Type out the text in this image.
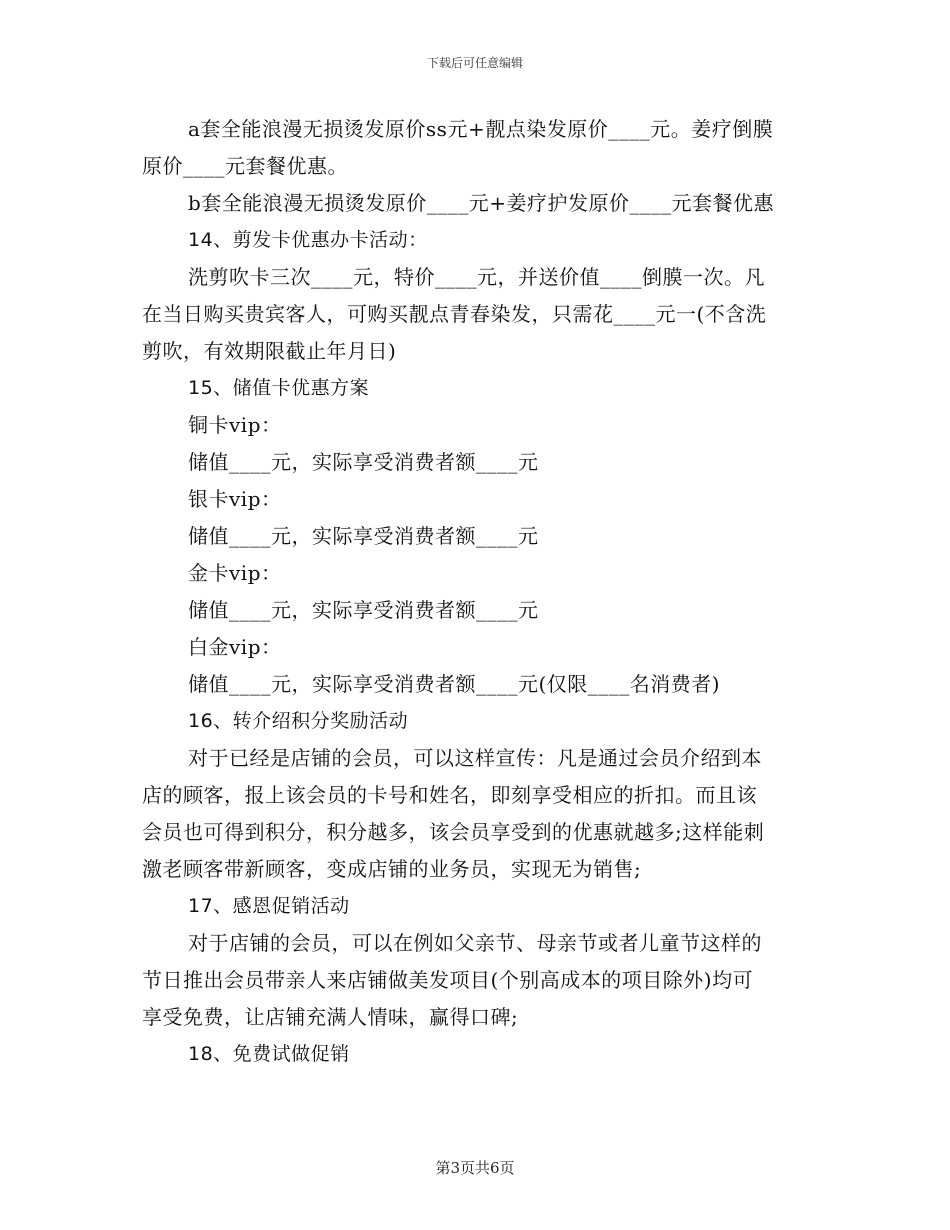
下载后可任意编辑
a套全能浪漫无损烫发原价ss元+靓点染发原价____元。姜疗倒膜
原价____元套餐优惠。
b套全能浪漫无损烫发原价____元+姜疗护发原价____元套餐优惠
14、剪发卡优惠办卡活动：
洗剪吹卡三次____元，特价____元，并送价值____倒膜一次。凡
在当日购买贵宾客人，可购买靓点青春染发，只需花____元一(不含洗
剪吹，有效期限截止年月日)
15、储值卡优惠方案
铜卡vip：
储值____元，实际享受消费者额____元
银卡vip：
储值____元，实际享受消费者额____元
金卡vip：
储值____元，实际享受消费者额____元
白金vip：
储值____元，实际享受消费者额____元(仅限____名消费者)
16、转介绍积分奖励活动
对于已经是店铺的会员，可以这样宣传：凡是通过会员介绍到本
店的顾客，报上该会员的卡号和姓名，即刻享受相应的折扣。而且该
会员也可得到积分，积分越多，该会员享受到的优惠就越多;这样能刺
激老顾客带新顾客，变成店铺的业务员，实现无为销售;
17、感恩促销活动
对于店铺的会员，可以在例如父亲节、母亲节或者儿童节这样的
节日推出会员带亲人来店铺做美发项目(个别高成本的项目除外)均可
享受免费，让店铺充满人情味，赢得口碑;
18、免费试做促销
第3页共6页
